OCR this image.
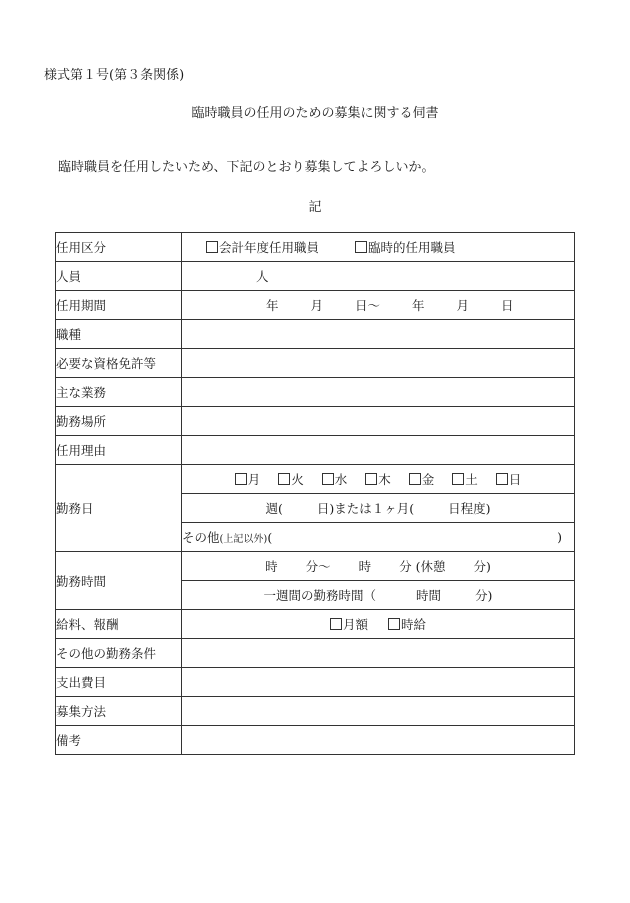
様式第１号(第３条関係)
臨時職員の任用のための募集に関する伺書
臨時職員を任用したいため、下記のとおり募集してよろしいか。
記
任用区分	会計年度任用職員 臨時的任用職員
人員	人
任用期間	年 月 日～ 年 月 日
職種	
必要な資格免許等	
主な業務	
勤務場所	
任用理由	
勤務日	月 火 水 木 金 土 日
	週( 日)または１ヶ月( 日程度)
	その他(上記以外)( )

勤務時間	時 分～ 時 分 (休憩 分)
	一週間の勤務時間（ 時間 分)
給料、報酬	月額 時給
その他の勤務条件	
支出費目	
募集方法	
備考	
